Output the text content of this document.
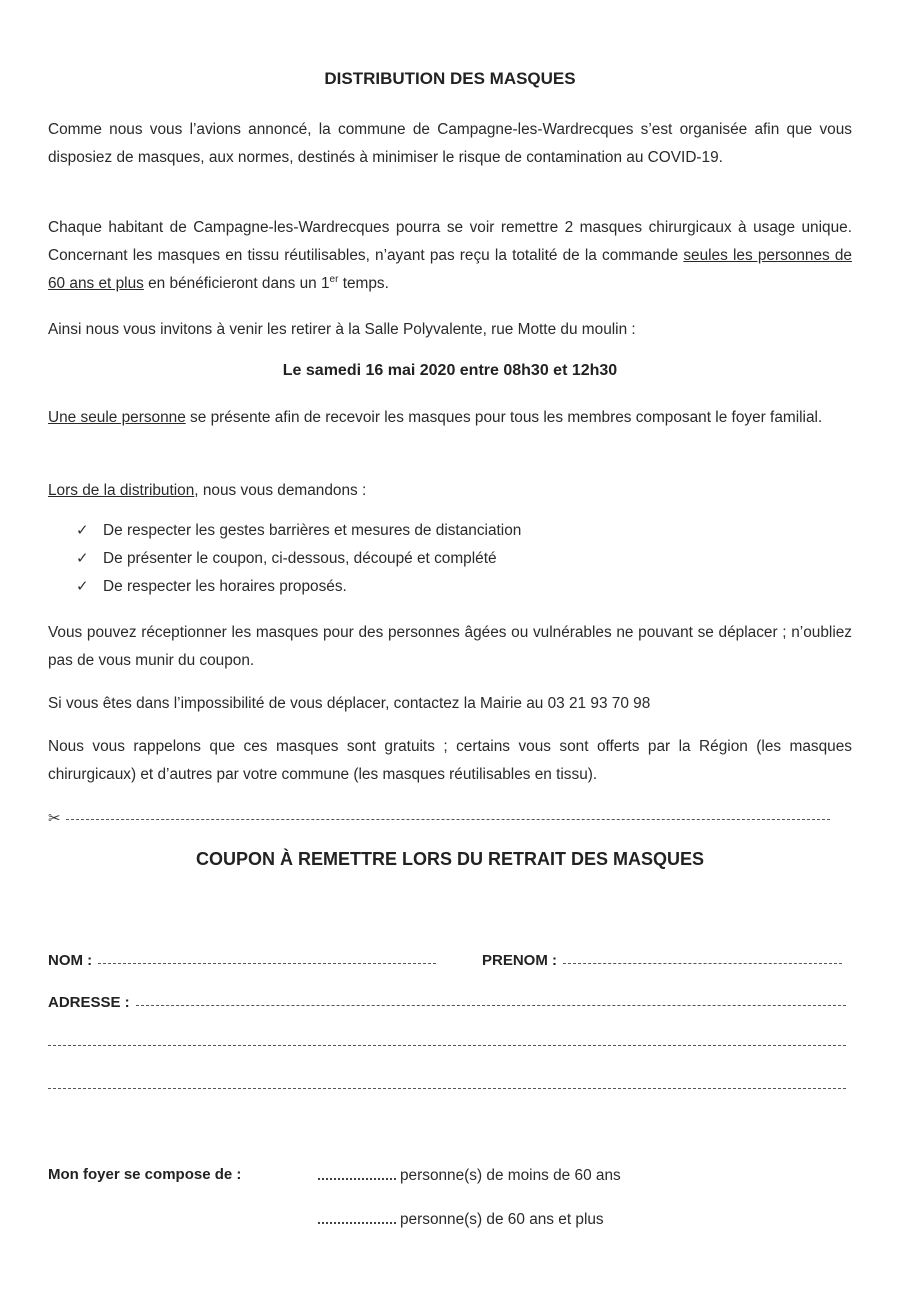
DISTRIBUTION DES MASQUES

Comme nous vous l’avions annoncé, la commune de Campagne-les-Wardrecques s’est organisée afin que vous disposiez de masques, aux normes, destinés à minimiser le risque de contamination au COVID-19.

Chaque habitant de Campagne-les-Wardrecques pourra se voir remettre 2 masques chirurgicaux à usage unique. Concernant les masques en tissu réutilisables, n’ayant pas reçu la totalité de la commande seules les personnes de 60 ans et plus en bénéficieront dans un 1er temps.

Ainsi nous vous invitons à venir les retirer à la Salle Polyvalente, rue Motte du moulin :

Le samedi 16 mai 2020 entre 08h30 et 12h30

Une seule personne se présente afin de recevoir les masques pour tous les membres composant le foyer familial.

Lors de la distribution, nous vous demandons :

✓ De respecter les gestes barrières et mesures de distanciation
✓ De présenter le coupon, ci-dessous, découpé et complété
✓ De respecter les horaires proposés.

Vous pouvez réceptionner les masques pour des personnes âgées ou vulnérables ne pouvant se déplacer ; n’oubliez pas de vous munir du coupon.

Si vous êtes dans l’impossibilité de vous déplacer, contactez la Mairie au 03 21 93 70 98

Nous vous rappelons que ces masques sont gratuits ; certains vous sont offerts par la Région (les masques chirurgicaux) et d’autres par votre commune (les masques réutilisables en tissu).

✂
COUPON À REMETTRE LORS DU RETRAIT DES MASQUES
NOM :	PRENOM :
ADRESSE :
Mon foyer se compose de :	personne(s) de moins de 60 ans
personne(s) de 60 ans et plus
